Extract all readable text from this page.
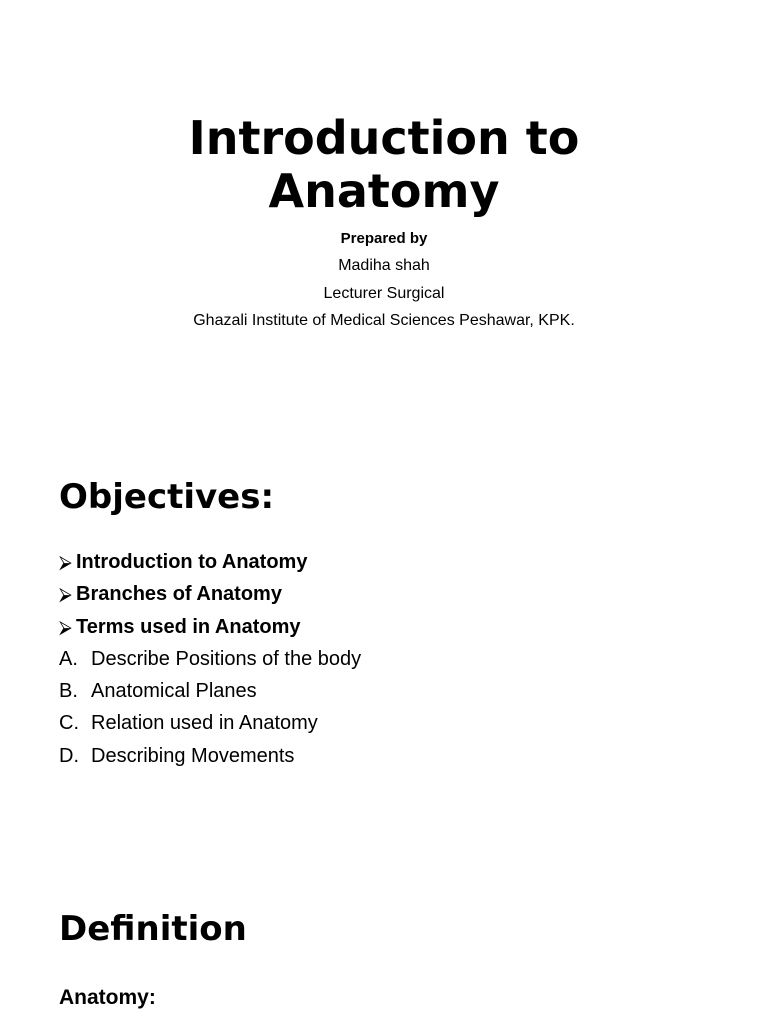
Introduction to
Anatomy
Prepared by
Madiha shah
Lecturer Surgical
Ghazali Institute of Medical Sciences Peshawar, KPK.
Objectives:
⮚ Introduction to Anatomy
⮚ Branches of Anatomy
⮚ Terms used in Anatomy
A. Describe Positions of the body
B. Anatomical Planes
C. Relation used in Anatomy
D. Describing Movements
Definition
Anatomy:
